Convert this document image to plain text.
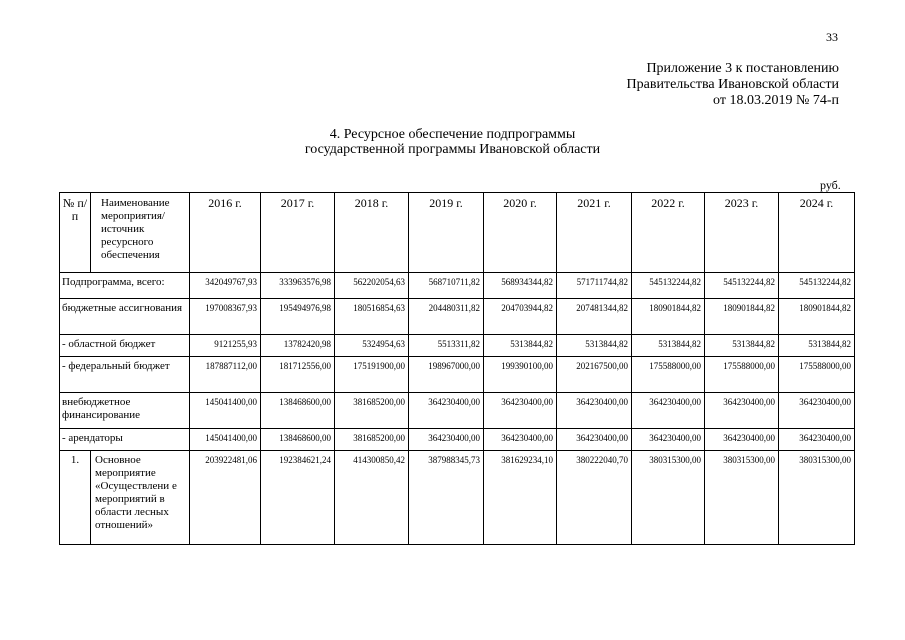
33
Приложение 3 к постановлению
Правительства Ивановской области
от 18.03.2019 № 74-п
4. Ресурсное обеспечение подпрограммы
государственной программы Ивановской области
руб.
№ п/п	Наименование мероприятия/ источник ресурсного обеспечения	2016 г.	2017 г.	2018 г.	2019 г.	2020 г.	2021 г.	2022 г.	2023 г.	2024 г.
Подпрограмма, всего:		342049767,93	333963576,98	562202054,63	568710711,82	568934344,82	571711744,82	545132244,82	545132244,82	545132244,82
бюджетные ассигнования		197008367,93	195494976,98	180516854,63	204480311,82	204703944,82	207481344,82	180901844,82	180901844,82	180901844,82
- областной бюджет		9121255,93	13782420,98	5324954,63	5513311,82	5313844,82	5313844,82	5313844,82	5313844,82	5313844,82
- федеральный бюджет		187887112,00	181712556,00	175191900,00	198967000,00	199390100,00	202167500,00	175588000,00	175588000,00	175588000,00
внебюджетное финансирование		145041400,00	138468600,00	381685200,00	364230400,00	364230400,00	364230400,00	364230400,00	364230400,00	364230400,00
- арендаторы		145041400,00	138468600,00	381685200,00	364230400,00	364230400,00	364230400,00	364230400,00	364230400,00	364230400,00
1.	Основное мероприятие «Осуществлени е мероприятий в области лесных отношений»	203922481,06	192384621,24	414300850,42	387988345,73	381629234,10	380222040,70	380315300,00	380315300,00	380315300,00
